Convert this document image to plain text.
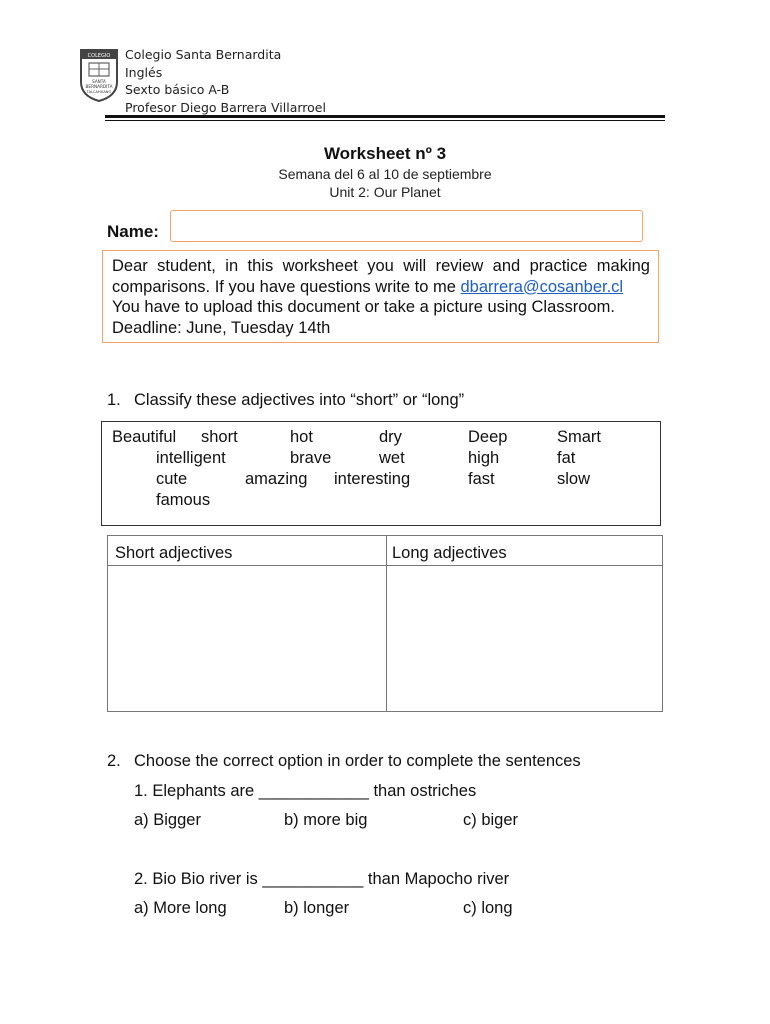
COLEGIO
SANTA
BERNARDITA
TALCAHUANO
Colegio Santa Bernardita
Inglés
Sexto básico A-B
Profesor Diego Barrera Villarroel
Worksheet nº 3
Semana del 6 al 10 de septiembre
Unit 2: Our Planet
Name:
Dear student, in this worksheet you will review and practice making
comparisons. If you have questions write to me dbarrera@cosanber.cl
You have to upload this document or take a picture using Classroom.
Deadline: June, Tuesday 14th
1. Classify these adjectives into “short” or “long”
Beautiful short	hot	dry	Deep	Smart
intelligent	brave	wet	high	fat
cute	amazing interesting	fast	slow
famous
Short adjectives	Long adjectives
2. Choose the correct option in order to complete the sentences
1. Elephants are ____________ than ostriches
a) Bigger	b) more big	c) biger
2. Bio Bio river is ___________ than Mapocho river
a) More long	b) longer	c) long
